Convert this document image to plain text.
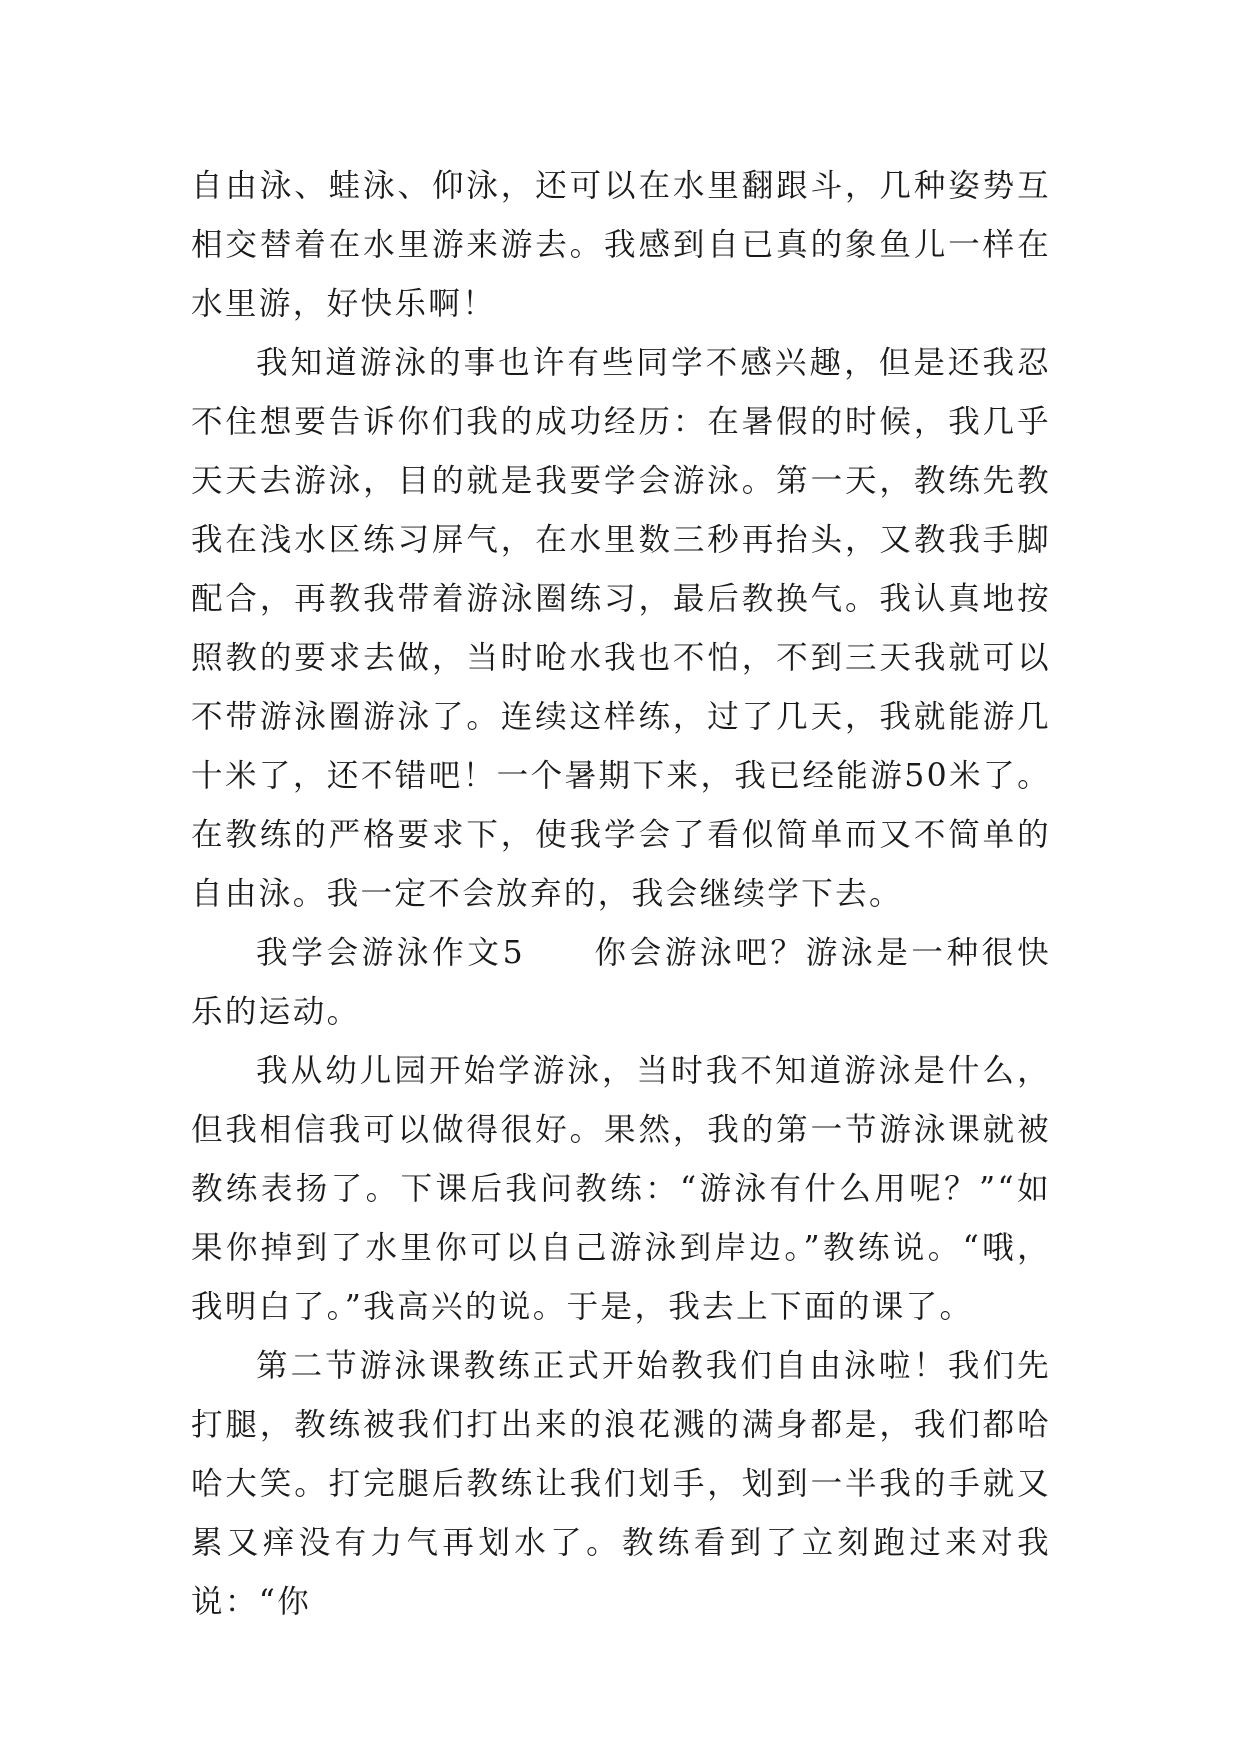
自由泳、蛙泳、仰泳，还可以在水里翻跟斗，几种姿势互相交替着在水里游来游去。我感到自已真的象鱼儿一样在水里游，好快乐啊！

我知道游泳的事也许有些同学不感兴趣，但是还我忍不住想要告诉你们我的成功经历：在暑假的时候，我几乎天天去游泳，目的就是我要学会游泳。第一天，教练先教我在浅水区练习屏气，在水里数三秒再抬头，又教我手脚配合，再教我带着游泳圈练习，最后教换气。我认真地按照教的要求去做，当时呛水我也不怕，不到三天我就可以不带游泳圈游泳了。连续这样练，过了几天，我就能游几十米了，还不错吧！一个暑期下来，我已经能游50米了。在教练的严格要求下，使我学会了看似简单而又不简单的自由泳。我一定不会放弃的，我会继续学下去。

我学会游泳作文5 你会游泳吧？游泳是一种很快乐的运动。

我从幼儿园开始学游泳，当时我不知道游泳是什么，但我相信我可以做得很好。果然，我的第一节游泳课就被教练表扬了。下课后我问教练：“游泳有什么用呢？”“如果你掉到了水里你可以自己游泳到岸边。”教练说。“哦，我明白了。”我高兴的说。于是，我去上下面的课了。

第二节游泳课教练正式开始教我们自由泳啦！我们先打腿，教练被我们打出来的浪花溅的满身都是，我们都哈哈大笑。打完腿后教练让我们划手，划到一半我的手就又累又痒没有力气再划水了。教练看到了立刻跑过来对我说：“你
